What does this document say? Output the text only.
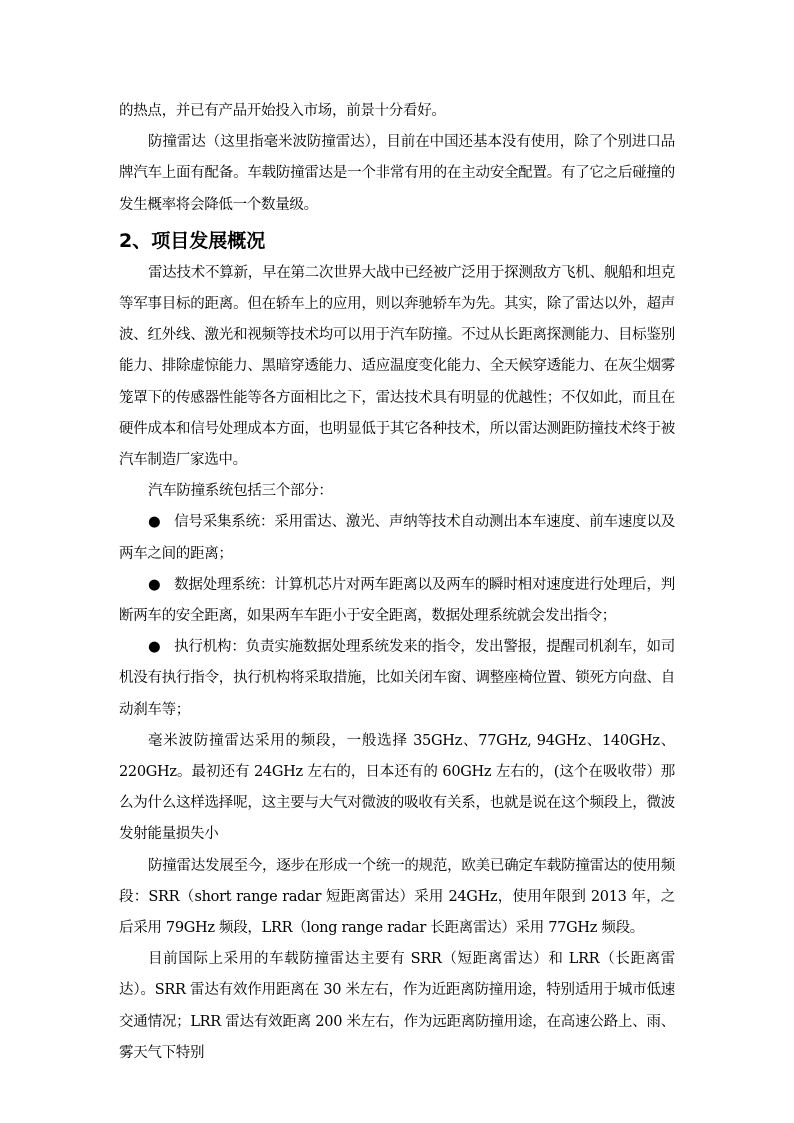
的热点，并已有产品开始投入市场，前景十分看好。

防撞雷达（这里指毫米波防撞雷达），目前在中国还基本没有使用，除了个别进口品牌汽车上面有配备。车载防撞雷达是一个非常有用的在主动安全配置。有了它之后碰撞的发生概率将会降低一个数量级。

2、项目发展概况

雷达技术不算新，早在第二次世界大战中已经被广泛用于探测敌方飞机、舰船和坦克等军事目标的距离。但在轿车上的应用，则以奔驰轿车为先。其实，除了雷达以外，超声波、红外线、激光和视频等技术均可以用于汽车防撞。不过从长距离探测能力、目标鉴别能力、排除虚惊能力、黑暗穿透能力、适应温度变化能力、全天候穿透能力、在灰尘烟雾笼罩下的传感器性能等各方面相比之下，雷达技术具有明显的优越性；不仅如此，而且在硬件成本和信号处理成本方面，也明显低于其它各种技术，所以雷达测距防撞技术终于被汽车制造厂家选中。

汽车防撞系统包括三个部分：

● 信号采集系统：采用雷达、激光、声纳等技术自动测出本车速度、前车速度以及两车之间的距离；

● 数据处理系统：计算机芯片对两车距离以及两车的瞬时相对速度进行处理后，判断两车的安全距离，如果两车车距小于安全距离，数据处理系统就会发出指令；

● 执行机构：负责实施数据处理系统发来的指令，发出警报，提醒司机刹车，如司机没有执行指令，执行机构将采取措施，比如关闭车窗、调整座椅位置、锁死方向盘、自动刹车等；

毫米波防撞雷达采用的频段，一般选择 35GHz、77GHz, 94GHz、140GHz、220GHz。最初还有 24GHz 左右的，日本还有的 60GHz 左右的，(这个在吸收带）那么为什么这样选择呢，这主要与大气对微波的吸收有关系，也就是说在这个频段上，微波发射能量损失小

防撞雷达发展至今，逐步在形成一个统一的规范，欧美已确定车载防撞雷达的使用频段：SRR（short range radar 短距离雷达）采用 24GHz，使用年限到 2013 年，之后采用 79GHz 频段，LRR（long range radar 长距离雷达）采用 77GHz 频段。

目前国际上采用的车载防撞雷达主要有 SRR（短距离雷达）和 LRR（长距离雷达）。SRR 雷达有效作用距离在 30 米左右，作为近距离防撞用途，特别适用于城市低速交通情况；LRR 雷达有效距离 200 米左右，作为远距离防撞用途，在高速公路上、雨、雾天气下特别
